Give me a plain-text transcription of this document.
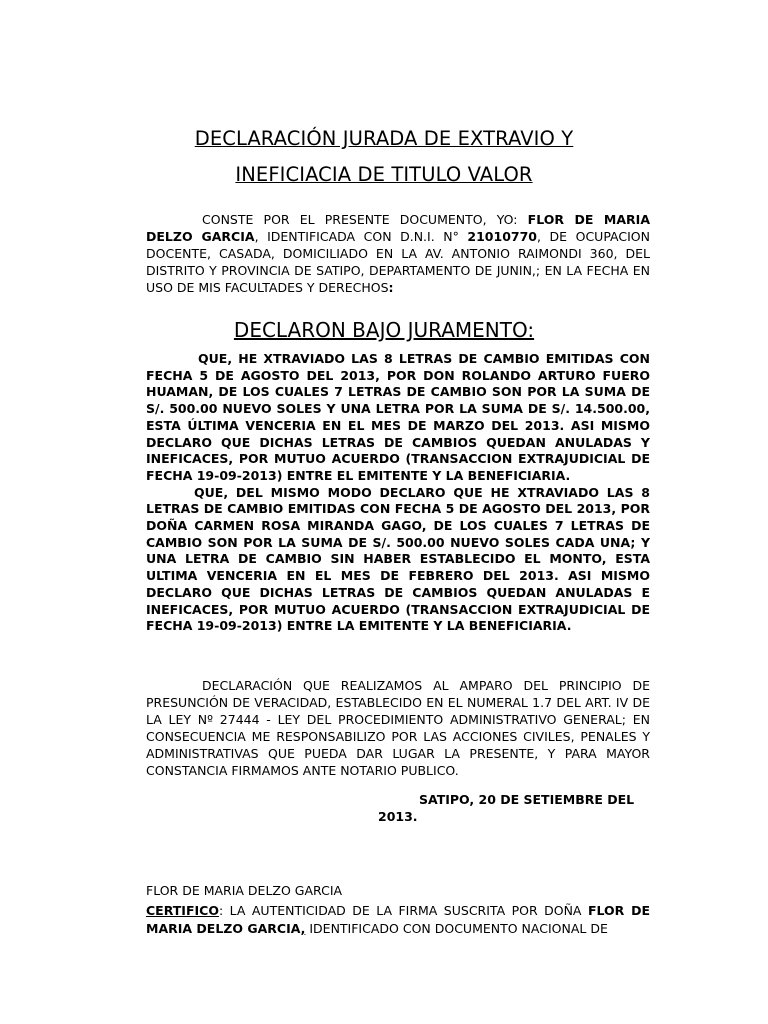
DECLARACIÓN JURADA DE EXTRAVIO Y
INEFICIACIA DE TITULO VALOR
CONSTE POR EL PRESENTE DOCUMENTO, YO: FLOR DE MARIA DELZO GARCIA, IDENTIFICADA CON D.N.I. N° 21010770, DE OCUPACION DOCENTE, CASADA, DOMICILIADO EN LA AV. ANTONIO RAIMONDI 360, DEL DISTRITO Y PROVINCIA DE SATIPO, DEPARTAMENTO DE JUNIN,; EN LA FECHA EN USO DE MIS FACULTADES Y DERECHOS:
DECLARON BAJO JURAMENTO:
QUE, HE XTRAVIADO LAS 8 LETRAS DE CAMBIO EMITIDAS CON FECHA 5 DE AGOSTO DEL 2013, POR DON ROLANDO ARTURO FUERO HUAMAN, DE LOS CUALES 7 LETRAS DE CAMBIO SON POR LA SUMA DE S/. 500.00 NUEVO SOLES Y UNA LETRA POR LA SUMA DE S/. 14.500.00, ESTA ÚLTIMA VENCERIA EN EL MES DE MARZO DEL 2013. ASI MISMO DECLARO QUE DICHAS LETRAS DE CAMBIOS QUEDAN ANULADAS Y INEFICACES, POR MUTUO ACUERDO (TRANSACCION EXTRAJUDICIAL DE FECHA 19-09-2013) ENTRE EL EMITENTE Y LA BENEFICIARIA.
QUE, DEL MISMO MODO DECLARO QUE HE XTRAVIADO LAS 8 LETRAS DE CAMBIO EMITIDAS CON FECHA 5 DE AGOSTO DEL 2013, POR DOÑA CARMEN ROSA MIRANDA GAGO, DE LOS CUALES 7 LETRAS DE CAMBIO SON POR LA SUMA DE S/. 500.00 NUEVO SOLES CADA UNA; Y UNA LETRA DE CAMBIO SIN HABER ESTABLECIDO EL MONTO, ESTA ULTIMA VENCERIA EN EL MES DE FEBRERO DEL 2013. ASI MISMO DECLARO QUE DICHAS LETRAS DE CAMBIOS QUEDAN ANULADAS E INEFICACES, POR MUTUO ACUERDO (TRANSACCION EXTRAJUDICIAL DE FECHA 19-09-2013) ENTRE LA EMITENTE Y LA BENEFICIARIA.
DECLARACIÓN QUE REALIZAMOS AL AMPARO DEL PRINCIPIO DE PRESUNCIÓN DE VERACIDAD, ESTABLECIDO EN EL NUMERAL 1.7 DEL ART. IV DE LA LEY Nº 27444 - LEY DEL PROCEDIMIENTO ADMINISTRATIVO GENERAL; EN CONSECUENCIA ME RESPONSABILIZO POR LAS ACCIONES CIVILES, PENALES Y ADMINISTRATIVAS QUE PUEDA DAR LUGAR LA PRESENTE, Y PARA MAYOR CONSTANCIA FIRMAMOS ANTE NOTARIO PUBLICO.
SATIPO, 20 DE SETIEMBRE DEL
2013.
FLOR DE MARIA DELZO GARCIA
CERTIFICO: LA AUTENTICIDAD DE LA FIRMA SUSCRITA POR DOÑA FLOR DE MARIA DELZO GARCIA, IDENTIFICADO CON DOCUMENTO NACIONAL DE
